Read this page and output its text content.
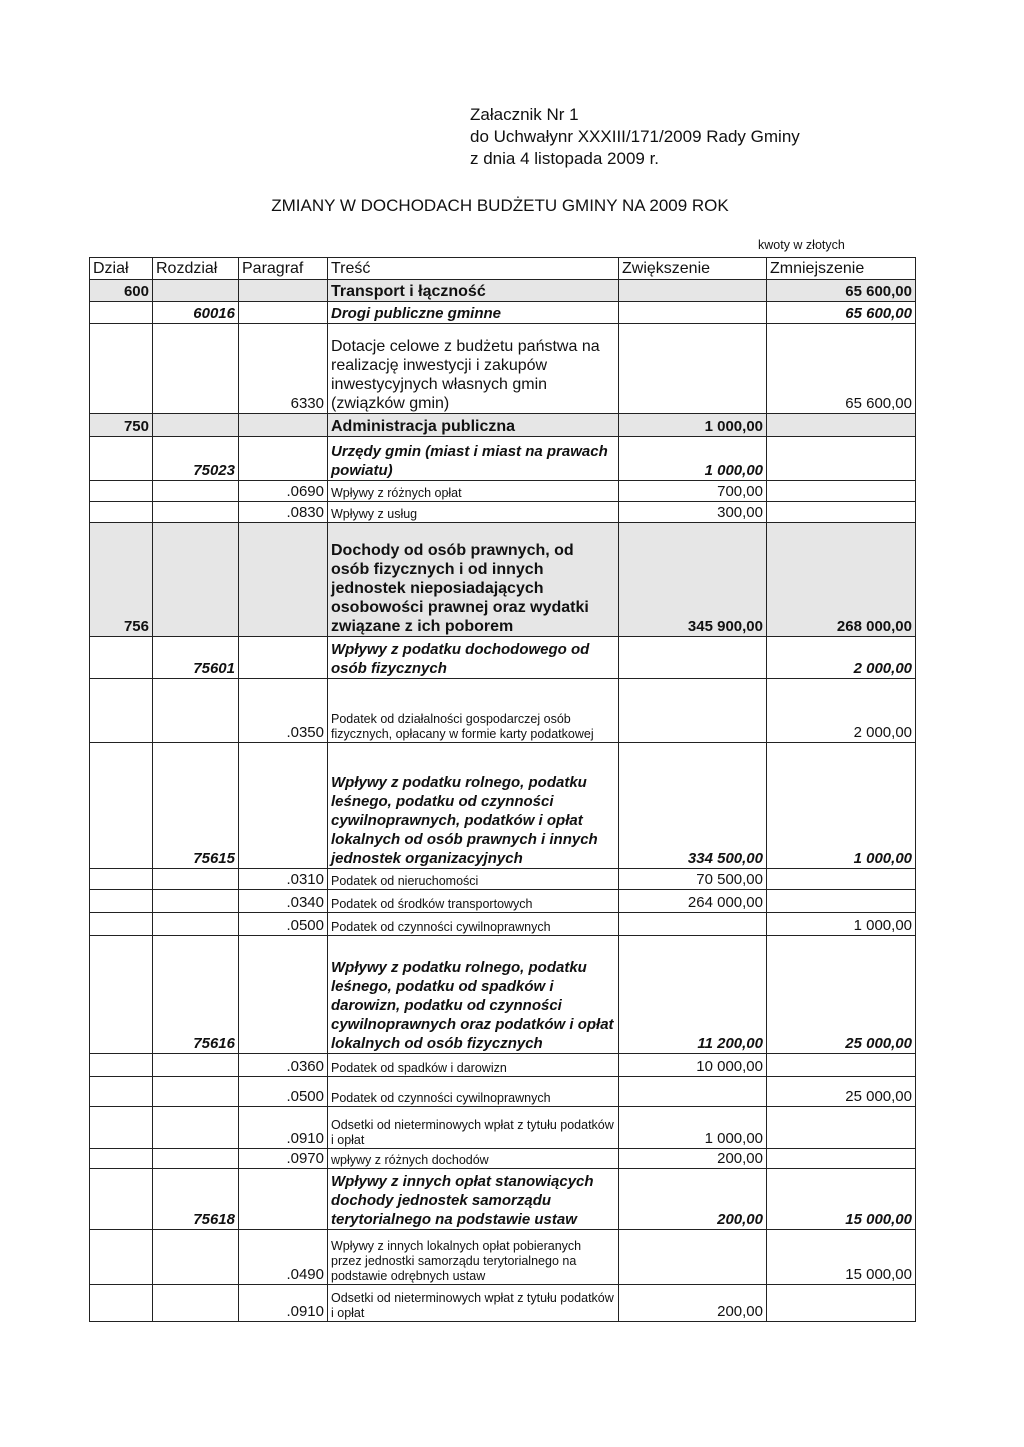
Załacznik Nr 1
do Uchwałynr XXXIII/171/2009 Rady Gminy
z dnia 4 listopada 2009 r.
ZMIANY W DOCHODACH BUDŻETU GMINY NA 2009 ROK
kwoty w złotych
Dział	Rozdział	Paragraf	Treść	Zwiększenie	Zmniejszenie
600			Transport i łączność		65 600,00
	60016		Drogi publiczne gminne		65 600,00
		6330	Dotacje celowe z budżetu państwa na realizację inwestycji i zakupów inwestycyjnych własnych gmin (związków gmin)		65 600,00
750			Administracja publiczna	1 000,00	
	75023		Urzędy gmin (miast i miast na prawach powiatu)	1 000,00	
		.0690	Wpływy z różnych opłat	700,00	
		.0830	Wpływy z usług	300,00	
756			Dochody od osób prawnych, od osób fizycznych i od innych jednostek nieposiadających osobowości prawnej oraz wydatki związane z ich poborem	345 900,00	268 000,00
	75601		Wpływy z podatku dochodowego od osób fizycznych		2 000,00
		.0350	Podatek od działalności gospodarczej osób fizycznych, opłacany w formie karty podatkowej		2 000,00
	75615		Wpływy z podatku rolnego, podatku leśnego, podatku od czynności cywilnoprawnych, podatków i opłat lokalnych od osób prawnych i innych jednostek organizacyjnych	334 500,00	1 000,00
		.0310	Podatek od nieruchomości	70 500,00	
		.0340	Podatek od środków transportowych	264 000,00	
		.0500	Podatek od czynności cywilnoprawnych		1 000,00
	75616		Wpływy z podatku rolnego, podatku leśnego, podatku od spadków i darowizn, podatku od czynności cywilnoprawnych oraz podatków i opłat lokalnych od osób fizycznych	11 200,00	25 000,00
		.0360	Podatek od spadków i darowizn	10 000,00	
		.0500	Podatek od czynności cywilnoprawnych		25 000,00
		.0910	Odsetki od nieterminowych wpłat z tytułu podatków i opłat	1 000,00	
		.0970	wpływy z różnych dochodów	200,00	
	75618		Wpływy z innych opłat stanowiących dochody jednostek samorządu terytorialnego na podstawie ustaw	200,00	15 000,00
		.0490	Wpływy z innych lokalnych opłat pobieranych przez jednostki samorządu terytorialnego na podstawie odrębnych ustaw		15 000,00
		.0910	Odsetki od nieterminowych wpłat z tytułu podatków i opłat	200,00	
